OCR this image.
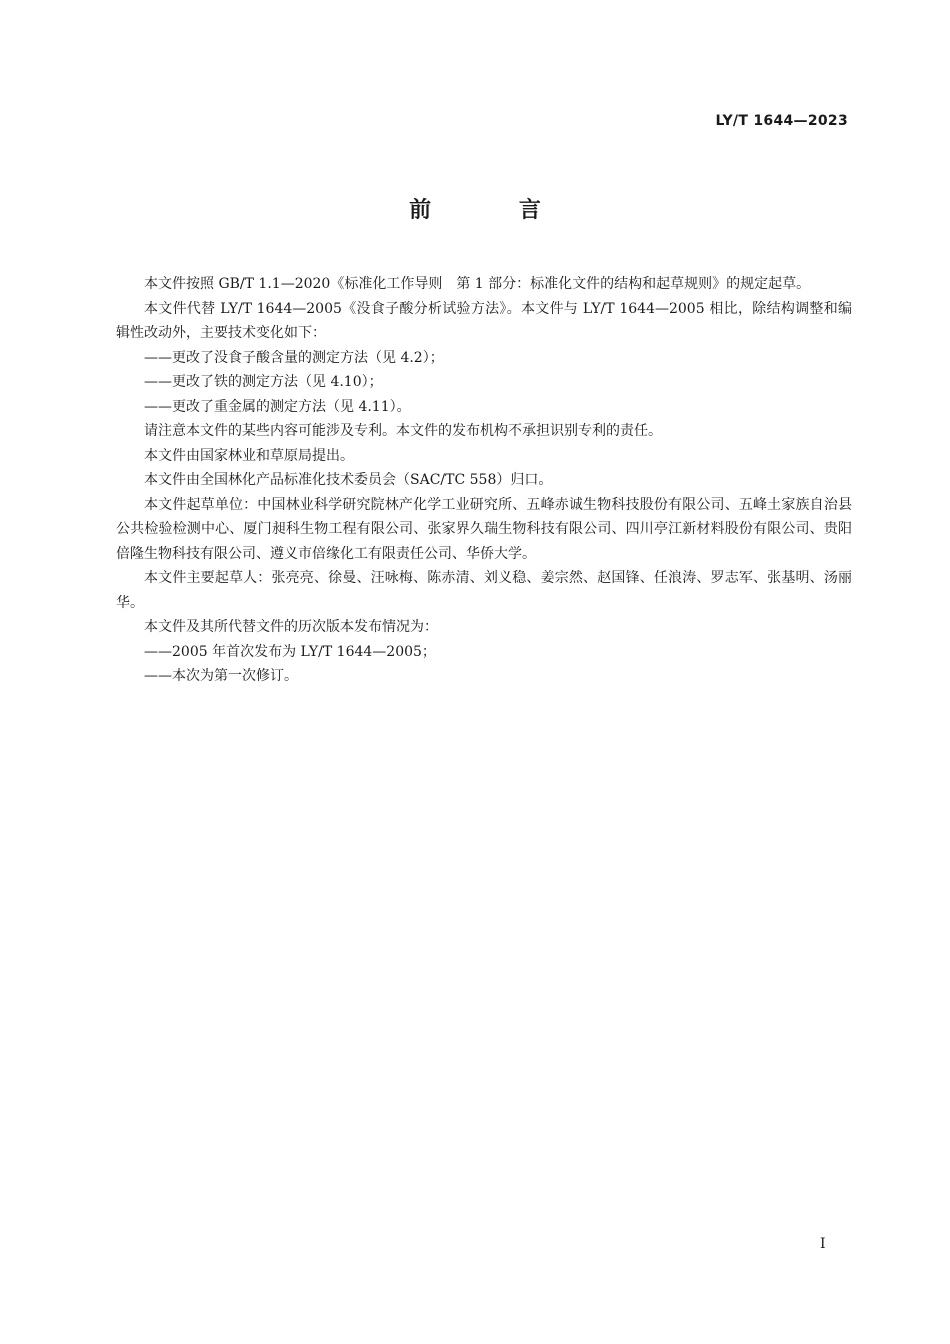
LY/T 1644—2023
前 言

本文件按照 GB/T 1.1—2020《标准化工作导则　第 1 部分：标准化文件的结构和起草规则》的规定起草。

本文件代替 LY/T 1644—2005《没食子酸分析试验方法》。本文件与 LY/T 1644—2005 相比，除结构调整和编辑性改动外，主要技术变化如下：

——更改了没食子酸含量的测定方法（见 4.2）；

——更改了铁的测定方法（见 4.10）；

——更改了重金属的测定方法（见 4.11）。

请注意本文件的某些内容可能涉及专利。本文件的发布机构不承担识别专利的责任。

本文件由国家林业和草原局提出。

本文件由全国林化产品标准化技术委员会（SAC/TC 558）归口。

本文件起草单位：中国林业科学研究院林产化学工业研究所、五峰赤诚生物科技股份有限公司、五峰土家族自治县公共检验检测中心、厦门昶科生物工程有限公司、张家界久瑞生物科技有限公司、四川亭江新材料股份有限公司、贵阳倍隆生物科技有限公司、遵义市倍缘化工有限责任公司、华侨大学。

本文件主要起草人：张亮亮、徐曼、汪咏梅、陈赤清、刘义稳、姜宗然、赵国锋、任浪涛、罗志军、张基明、汤丽华。

本文件及其所代替文件的历次版本发布情况为：

——2005 年首次发布为 LY/T 1644—2005；

——本次为第一次修订。

I
